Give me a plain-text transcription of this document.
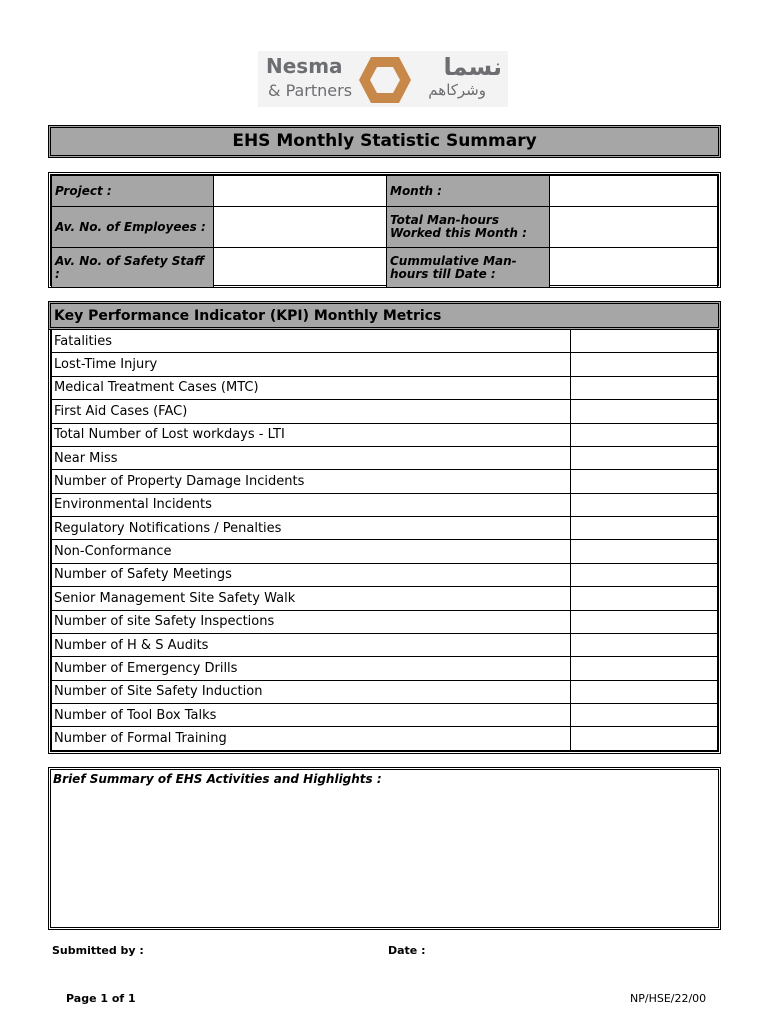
Nesma
& Partners
نسما
وشركاهم
EHS Monthly Statistic Summary
Project :		Month :	
Av. No. of Employees :		Total Man-hours Worked this Month :	
Av. No. of Safety Staff :		Cummulative Man-hours till Date :	
Key Performance Indicator (KPI) Monthly Metrics
Fatalities	
Lost-Time Injury	
Medical Treatment Cases (MTC)	
First Aid Cases (FAC)	
Total Number of Lost workdays - LTI	
Near Miss	
Number of Property Damage Incidents	
Environmental Incidents	
Regulatory Notifications / Penalties	
Non-Conformance	
Number of Safety Meetings	
Senior Management Site Safety Walk	
Number of site Safety Inspections	
Number of H & S Audits	
Number of Emergency Drills	
Number of Site Safety Induction	
Number of Tool Box Talks	
Number of Formal Training	
Brief Summary of EHS Activities and Highlights :
Submitted by :	Date :
Page 1 of 1	NP/HSE/22/00
